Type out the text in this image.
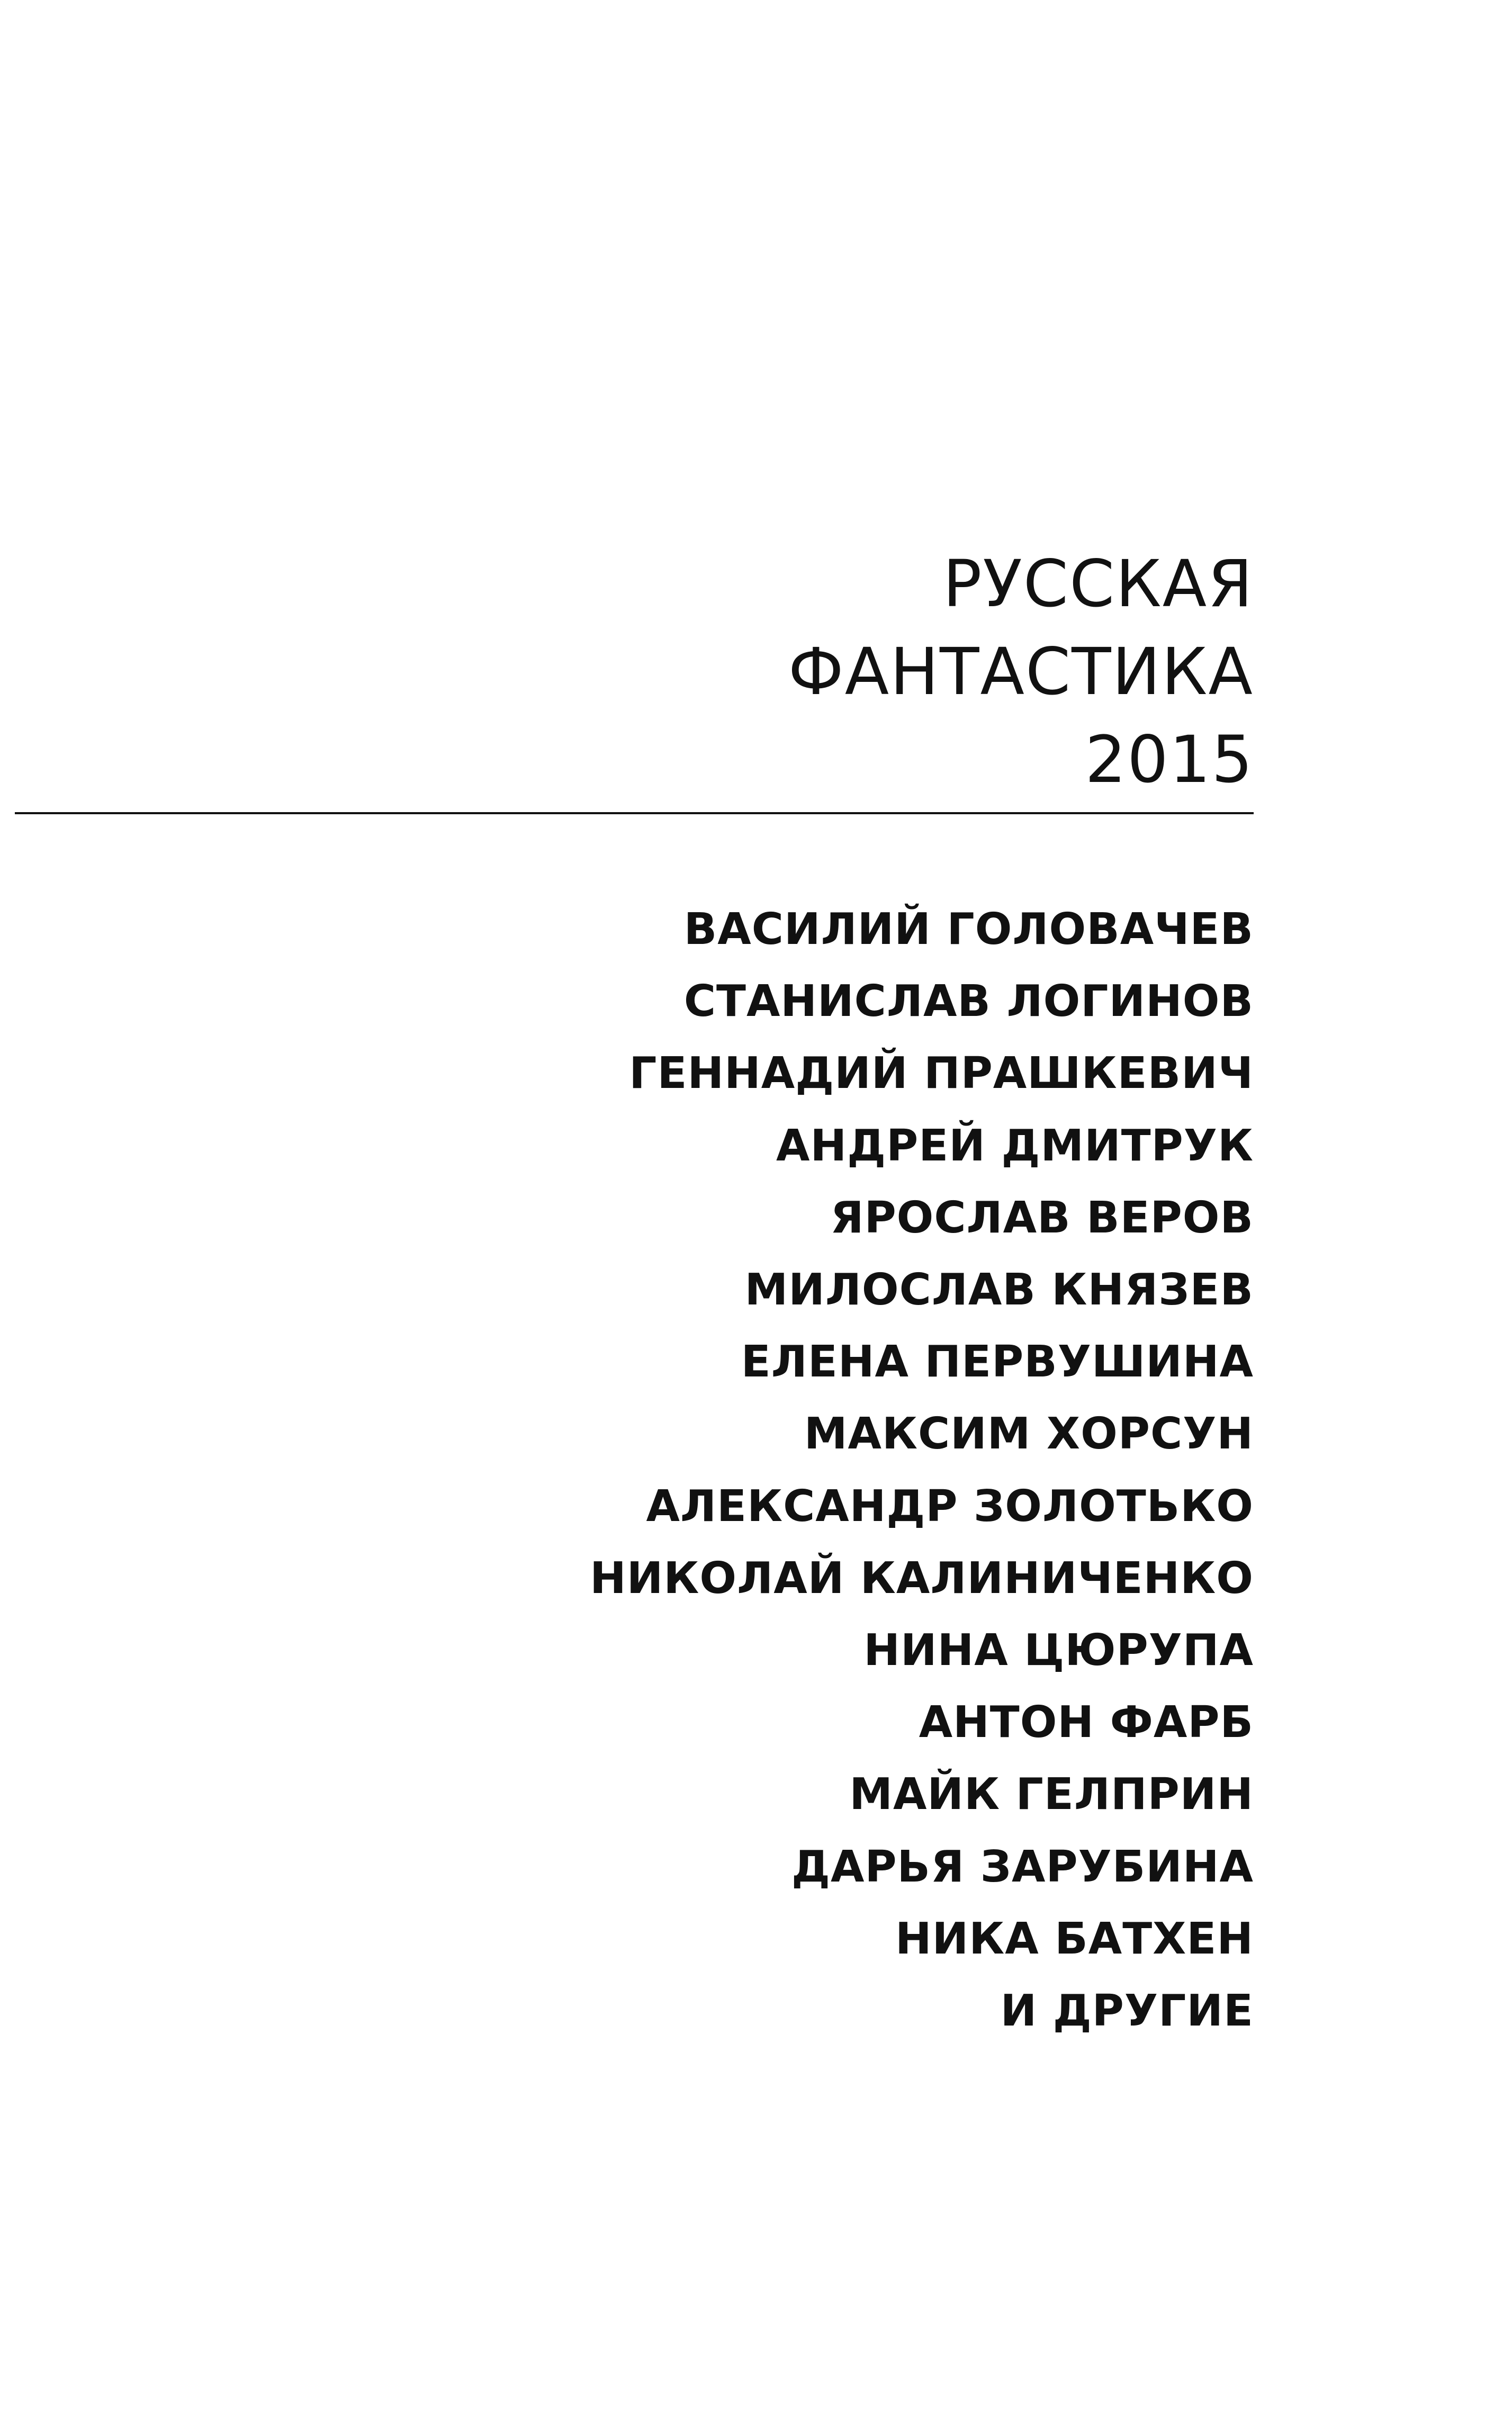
РУССКАЯ
ФАНТАСТИКА
2015
ВАСИЛИЙ ГОЛОВАЧЕВ
СТАНИСЛАВ ЛОГИНОВ
ГЕННАДИЙ ПРАШКЕВИЧ
АНДРЕЙ ДМИТРУК
ЯРОСЛАВ ВЕРОВ
МИЛОСЛАВ КНЯЗЕВ
ЕЛЕНА ПЕРВУШИНА
МАКСИМ ХОРСУН
АЛЕКСАНДР ЗОЛОТЬКО
НИКОЛАЙ КАЛИНИЧЕНКО
НИНА ЦЮРУПА
АНТОН ФАРБ
МАЙК ГЕЛПРИН
ДАРЬЯ ЗАРУБИНА
НИКА БАТХЕН
И ДРУГИЕ
